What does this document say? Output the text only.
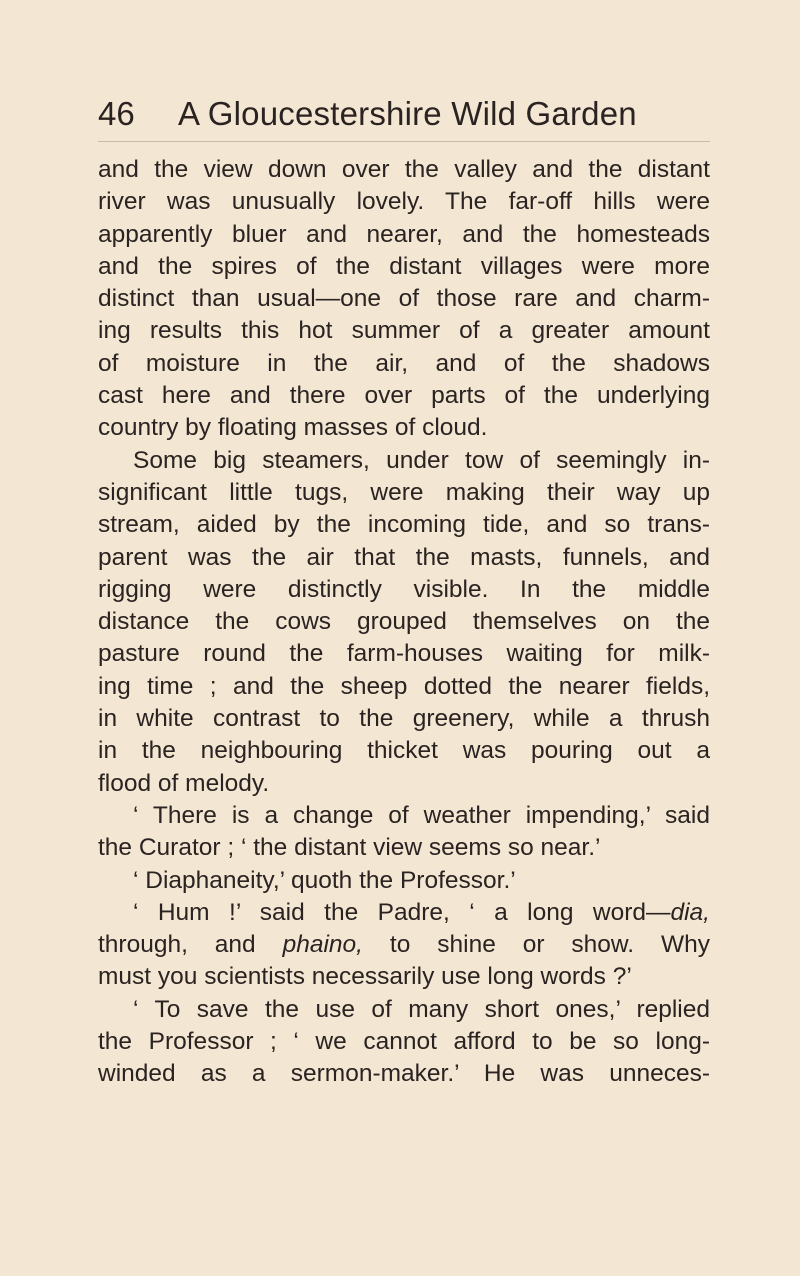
46 A Gloucestershire Wild Garden
and the view down over the valley and the distant
river was unusually lovely. The far-off hills were
apparently bluer and nearer, and the homesteads
and the spires of the distant villages were more
distinct than usual—one of those rare and charm-
ing results this hot summer of a greater amount
of moisture in the air, and of the shadows
cast here and there over parts of the underlying
country by floating masses of cloud.
Some big steamers, under tow of seemingly in-
significant little tugs, were making their way up
stream, aided by the incoming tide, and so trans-
parent was the air that the masts, funnels, and
rigging were distinctly visible. In the middle
distance the cows grouped themselves on the
pasture round the farm-houses waiting for milk-
ing time ; and the sheep dotted the nearer fields,
in white contrast to the greenery, while a thrush
in the neighbouring thicket was pouring out a
flood of melody.
‘ There is a change of weather impending,’ said
the Curator ; ‘ the distant view seems so near.’
‘ Diaphaneity,’ quoth the Professor.’
‘ Hum !’ said the Padre, ‘ a long word—dia,
through, and phaino, to shine or show. Why
must you scientists necessarily use long words ?’
‘ To save the use of many short ones,’ replied
the Professor ; ‘ we cannot afford to be so long-
winded as a sermon-maker.’ He was unneces-
